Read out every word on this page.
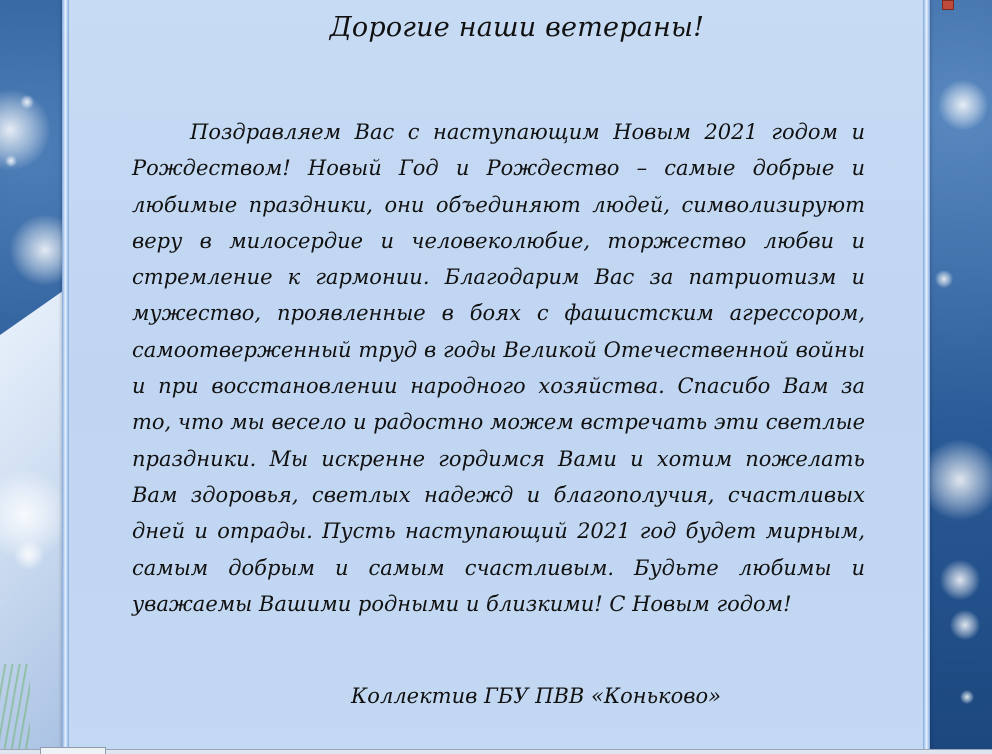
Дорогие наши ветераны!

Поздравляем Вас с наступающим Новым 2021 годом и Рождеством! Новый Год и Рождество – самые добрые и любимые праздники, они объединяют людей, символизируют веру в милосердие и человеколюбие, торжество любви и стремление к гармонии. Благодарим Вас за патриотизм и мужество, проявленные в боях с фашистским агрессором, самоотверженный труд в годы Великой Отечественной войны и при восстановлении народного хозяйства. Спасибо Вам за то, что мы весело и радостно можем встречать эти светлые праздники. Мы искренне гордимся Вами и хотим пожелать Вам здоровья, светлых надежд и благополучия, счастливых дней и отрады. Пусть наступающий 2021 год будет мирным, самым добрым и самым счастливым. Будьте любимы и уважаемы Вашими родными и близкими! С Новым годом!

Коллектив ГБУ ПВВ «Коньково»
